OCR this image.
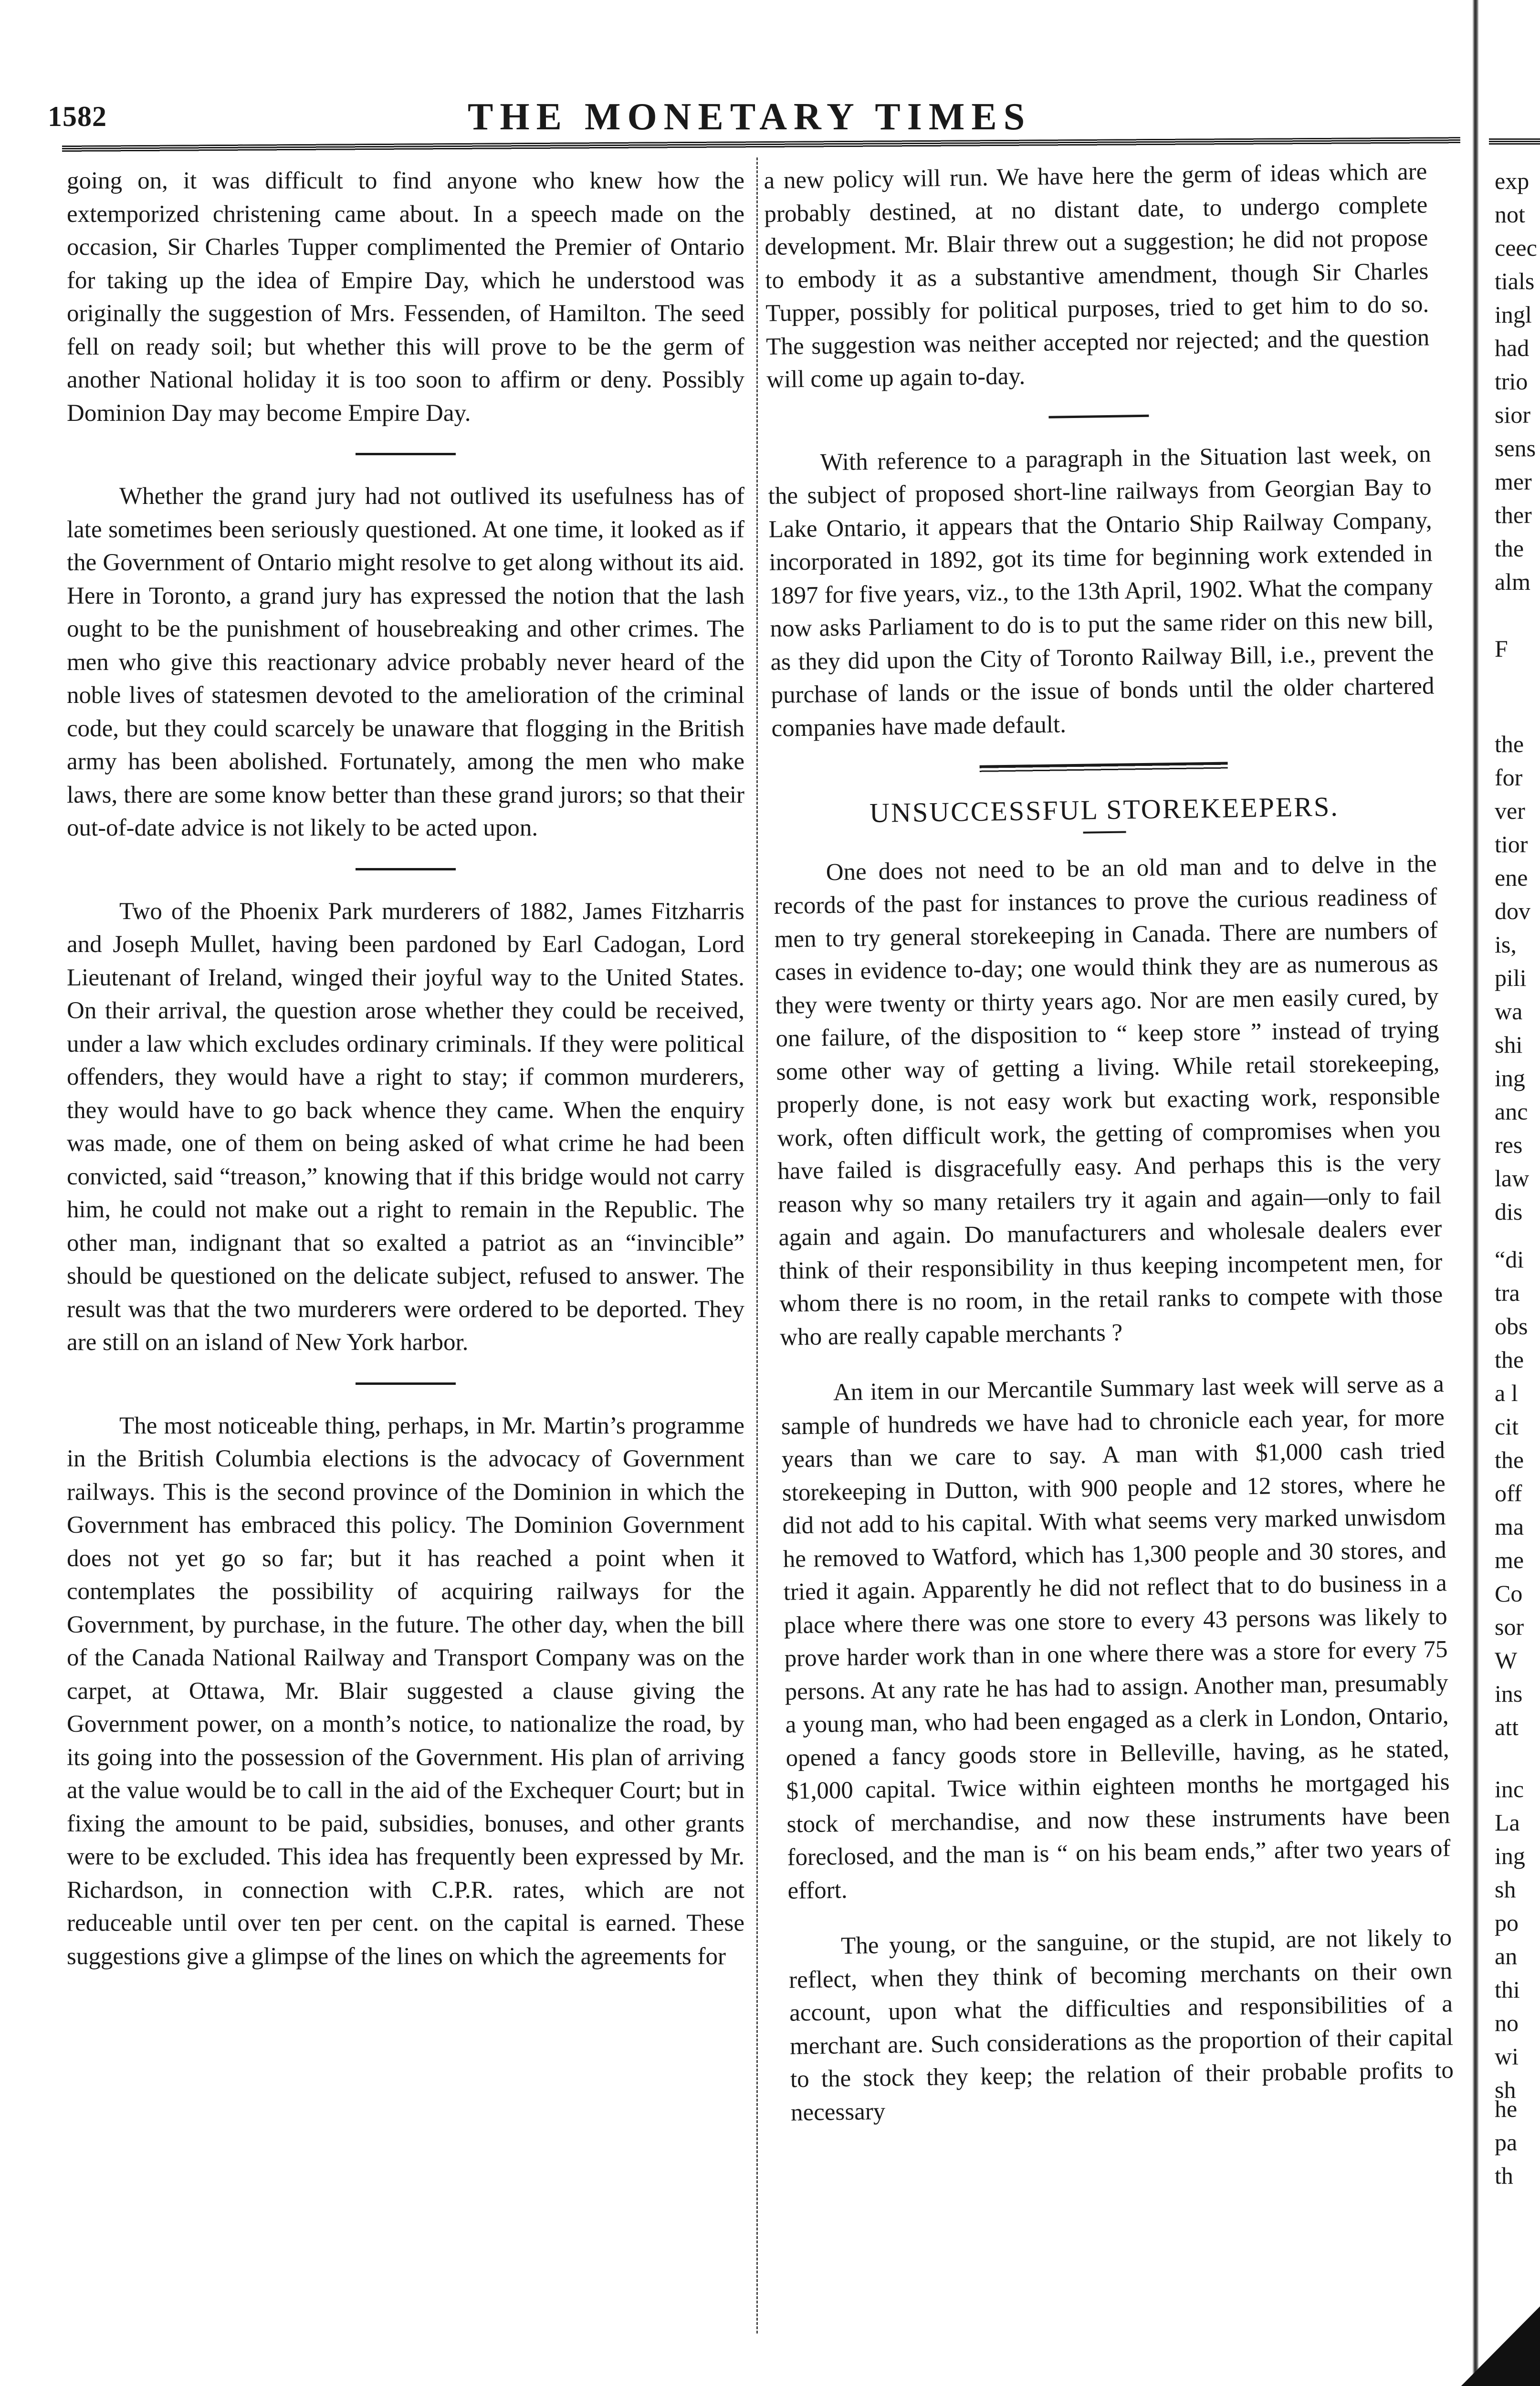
1582	THE MONETARY TIMES

going on, it was difficult to find anyone who knew how the extemporized christening came about. In a speech made on the occasion, Sir Charles Tupper complimented the Premier of Ontario for taking up the idea of Empire Day, which he understood was originally the suggestion of Mrs. Fessenden, of Hamilton. The seed fell on ready soil; but whether this will prove to be the germ of another National holiday it is too soon to affirm or deny. Possibly Dominion Day may become Empire Day.

Whether the grand jury had not outlived its usefulness has of late sometimes been seriously questioned. At one time, it looked as if the Government of Ontario might resolve to get along without its aid. Here in Toronto, a grand jury has expressed the notion that the lash ought to be the punishment of housebreaking and other crimes. The men who give this reactionary advice probably never heard of the noble lives of statesmen devoted to the amelioration of the criminal code, but they could scarcely be unaware that flogging in the British army has been abolished. Fortunately, among the men who make laws, there are some know better than these grand jurors; so that their out-of-date advice is not likely to be acted upon.

Two of the Phoenix Park murderers of 1882, James Fitzharris and Joseph Mullet, having been pardoned by Earl Cadogan, Lord Lieutenant of Ireland, winged their joyful way to the United States. On their arrival, the question arose whether they could be received, under a law which excludes ordinary criminals. If they were political offenders, they would have a right to stay; if common murderers, they would have to go back whence they came. When the enquiry was made, one of them on being asked of what crime he had been convicted, said “treason,” knowing that if this bridge would not carry him, he could not make out a right to remain in the Republic. The other man, indignant that so exalted a patriot as an “invincible” should be questioned on the delicate subject, refused to answer. The result was that the two murderers were ordered to be deported. They are still on an island of New York harbor.

The most noticeable thing, perhaps, in Mr. Martin’s programme in the British Columbia elections is the advocacy of Government railways. This is the second province of the Dominion in which the Government has embraced this policy. The Dominion Government does not yet go so far; but it has reached a point when it contemplates the possibility of acquiring railways for the Government, by purchase, in the future. The other day, when the bill of the Canada National Railway and Transport Company was on the carpet, at Ottawa, Mr. Blair suggested a clause giving the Government power, on a month’s notice, to nationalize the road, by its going into the possession of the Government. His plan of arriving at the value would be to call in the aid of the Exchequer Court; but in fixing the amount to be paid, subsidies, bonuses, and other grants were to be excluded. This idea has frequently been expressed by Mr. Richardson, in connection with C.P.R. rates, which are not reduceable until over ten per cent. on the capital is earned. These suggestions give a glimpse of the lines on which the agreements for

a new policy will run. We have here the germ of ideas which are probably destined, at no distant date, to undergo complete development. Mr. Blair threw out a suggestion; he did not propose to embody it as a substantive amendment, though Sir Charles Tupper, possibly for political purposes, tried to get him to do so. The suggestion was neither accepted nor rejected; and the question will come up again to-day.

With reference to a paragraph in the Situation last week, on the subject of proposed short-line railways from Georgian Bay to Lake Ontario, it appears that the Ontario Ship Railway Company, incorporated in 1892, got its time for beginning work extended in 1897 for five years, viz., to the 13th April, 1902. What the company now asks Parliament to do is to put the same rider on this new bill, as they did upon the City of Toronto Railway Bill, i.e., prevent the purchase of lands or the issue of bonds until the older chartered companies have made default.

UNSUCCESSFUL STOREKEEPERS.

One does not need to be an old man and to delve in the records of the past for instances to prove the curious readiness of men to try general storekeeping in Canada. There are numbers of cases in evidence to-day; one would think they are as numerous as they were twenty or thirty years ago. Nor are men easily cured, by one failure, of the disposition to “ keep store ” instead of trying some other way of getting a living. While retail storekeeping, properly done, is not easy work but exacting work, responsible work, often difficult work, the getting of compromises when you have failed is disgracefully easy. And perhaps this is the very reason why so many retailers try it again and again—only to fail again and again. Do manufacturers and wholesale dealers ever think of their responsibility in thus keeping incompetent men, for whom there is no room, in the retail ranks to compete with those who are really capable merchants ?

An item in our Mercantile Summary last week will serve as a sample of hundreds we have had to chronicle each year, for more years than we care to say. A man with $1,000 cash tried storekeeping in Dutton, with 900 people and 12 stores, where he did not add to his capital. With what seems very marked unwisdom he removed to Watford, which has 1,300 people and 30 stores, and tried it again. Apparently he did not reflect that to do business in a place where there was one store to every 43 persons was likely to prove harder work than in one where there was a store for every 75 persons. At any rate he has had to assign. Another man, presumably a young man, who had been engaged as a clerk in London, Ontario, opened a fancy goods store in Belleville, having, as he stated, $1,000 capital. Twice within eighteen months he mortgaged his stock of merchandise, and now these instruments have been foreclosed, and the man is “ on his beam ends,” after two years of effort.

The young, or the sanguine, or the stupid, are not likely to reflect, when they think of becoming merchants on their own account, upon what the difficulties and responsibilities of a merchant are. Such considerations as the proportion of their capital to the stock they keep; the relation of their probable profits to necessary

exp
not
ceec
tials
ingl
had
trio
sior
sens
mer
ther
the
alm
F
the
for
ver
tior
ene
dov
is,
pili
wa
shi
ing
anc
res
law
dis
“di
tra
obs
the
a l
cit
the
off
ma
me
Co
sor
W
ins
att
inc
La
ing
sh
po
an
thi
no
wi
sh
he
pa
th
